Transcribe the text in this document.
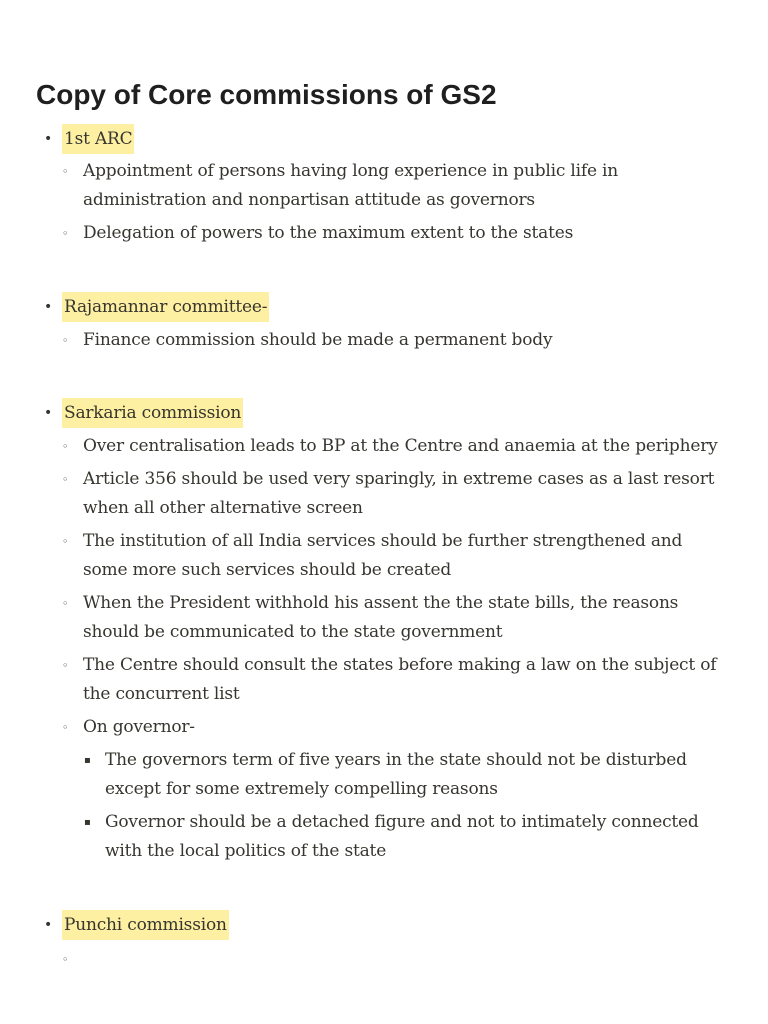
Copy of Core commissions of GS2
• 1st ARC
◦ Appointment of persons having long experience in public life in administration and nonpartisan attitude as governors
◦ Delegation of powers to the maximum extent to the states
• Rajamannar committee-
◦ Finance commission should be made a permanent body
• Sarkaria commission
◦ Over centralisation leads to BP at the Centre and anaemia at the periphery
◦ Article 356 should be used very sparingly, in extreme cases as a last resort when all other alternative screen
◦ The institution of all India services should be further strengthened and some more such services should be created
◦ When the President withhold his assent the the state bills, the reasons should be communicated to the state government
◦ The Centre should consult the states before making a law on the subject of the concurrent list
◦ On governor-
▪ The governors term of five years in the state should not be disturbed except for some extremely compelling reasons
▪ Governor should be a detached figure and not to intimately connected with the local politics of the state
• Punchi commission
◦
